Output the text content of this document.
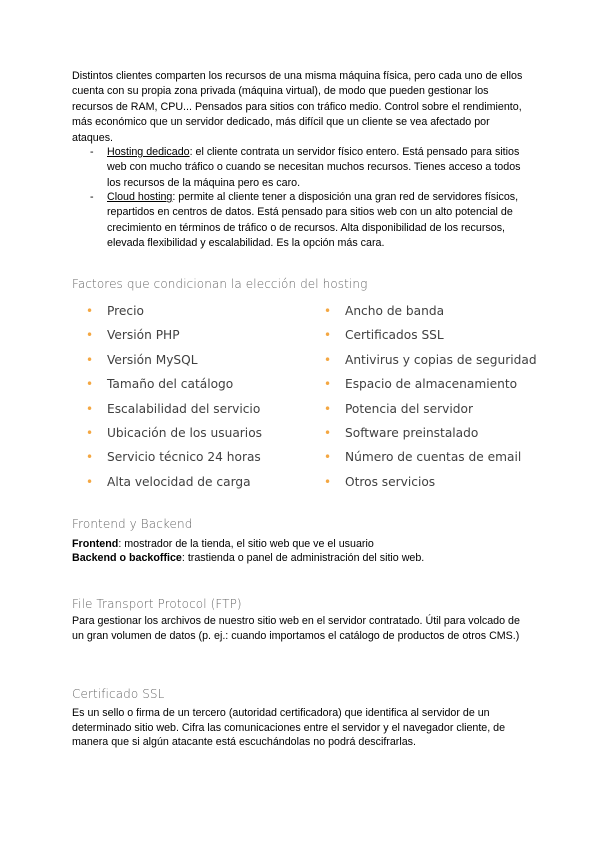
Distintos clientes comparten los recursos de una misma máquina física, pero cada uno de ellos cuenta con su propia zona privada (máquina virtual), de modo que pueden gestionar los recursos de RAM, CPU... Pensados para sitios con tráfico medio. Control sobre el rendimiento, más económico que un servidor dedicado, más difícil que un cliente se vea afectado por ataques.
- Hosting dedicado: el cliente contrata un servidor físico entero. Está pensado para sitios web con mucho tráfico o cuando se necesitan muchos recursos. Tienes acceso a todos los recursos de la máquina pero es caro.
- Cloud hosting: permite al cliente tener a disposición una gran red de servidores físicos, repartidos en centros de datos. Está pensado para sitios web con un alto potencial de crecimiento en términos de tráfico o de recursos. Alta disponibilidad de los recursos, elevada flexibilidad y escalabilidad. Es la opción más cara.
Factores que condicionan la elección del hosting
• Precio
• Versión PHP
• Versión MySQL
• Tamaño del catálogo
• Escalabilidad del servicio
• Ubicación de los usuarios
• Servicio técnico 24 horas
• Alta velocidad de carga
• Ancho de banda
• Certificados SSL
• Antivirus y copias de seguridad
• Espacio de almacenamiento
• Potencia del servidor
• Software preinstalado
• Número de cuentas de email
• Otros servicios
Frontend y Backend
Frontend: mostrador de la tienda, el sitio web que ve el usuario
Backend o backoffice: trastienda o panel de administración del sitio web.
File Transport Protocol (FTP)
Para gestionar los archivos de nuestro sitio web en el servidor contratado. Útil para volcado de un gran volumen de datos (p. ej.: cuando importamos el catálogo de productos de otros CMS.)
Certificado SSL
Es un sello o firma de un tercero (autoridad certificadora) que identifica al servidor de un determinado sitio web. Cifra las comunicaciones entre el servidor y el navegador cliente, de manera que si algún atacante está escuchándolas no podrá descifrarlas.
